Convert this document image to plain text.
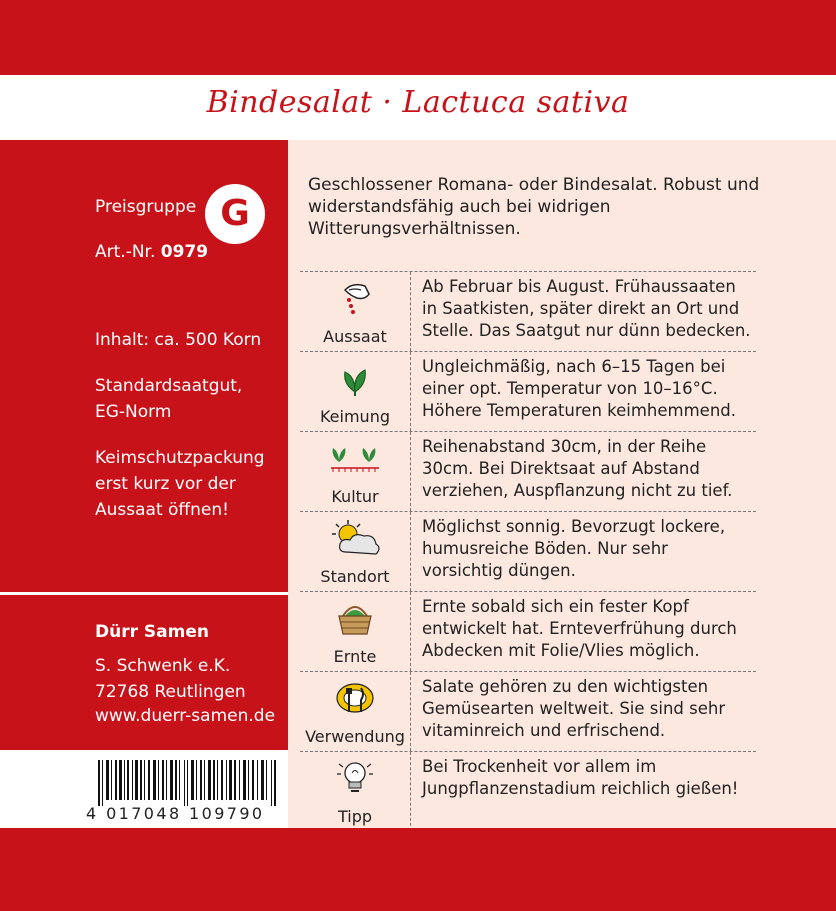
Bindesalat · Lactuca sativa
Preisgruppe G
Art.-Nr. 0979
Inhalt: ca. 500 Korn
Standardsaatgut,
EG-Norm
Keimschutzpackung
erst kurz vor der
Aussaat öffnen!
Dürr Samen
S. Schwenk e.K.
72768 Reutlingen
www.duerr-samen.de
4 017048 109790
Geschlossener Romana- oder Bindesalat. Robust und widerstandsfähig auch bei widrigen Witterungsverhältnissen.
Aussaat
Ab Februar bis August. Frühaussaaten in Saatkisten, später direkt an Ort und Stelle. Das Saatgut nur dünn bedecken.
Keimung
Ungleichmäßig, nach 6–15 Tagen bei einer opt. Temperatur von 10–16°C. Höhere Temperaturen keimhemmend.
Kultur
Reihenabstand 30cm, in der Reihe 30cm. Bei Direktsaat auf Abstand verziehen, Auspflanzung nicht zu tief.
Standort
Möglichst sonnig. Bevorzugt lockere, humusreiche Böden. Nur sehr vorsichtig düngen.
Ernte
Ernte sobald sich ein fester Kopf entwickelt hat. Ernteverfrühung durch Abdecken mit Folie/Vlies möglich.
Verwendung
Salate gehören zu den wichtigsten Gemüsearten weltweit. Sie sind sehr vitaminreich und erfrischend.
Tipp
Bei Trockenheit vor allem im Jungpflanzenstadium reichlich gießen!
